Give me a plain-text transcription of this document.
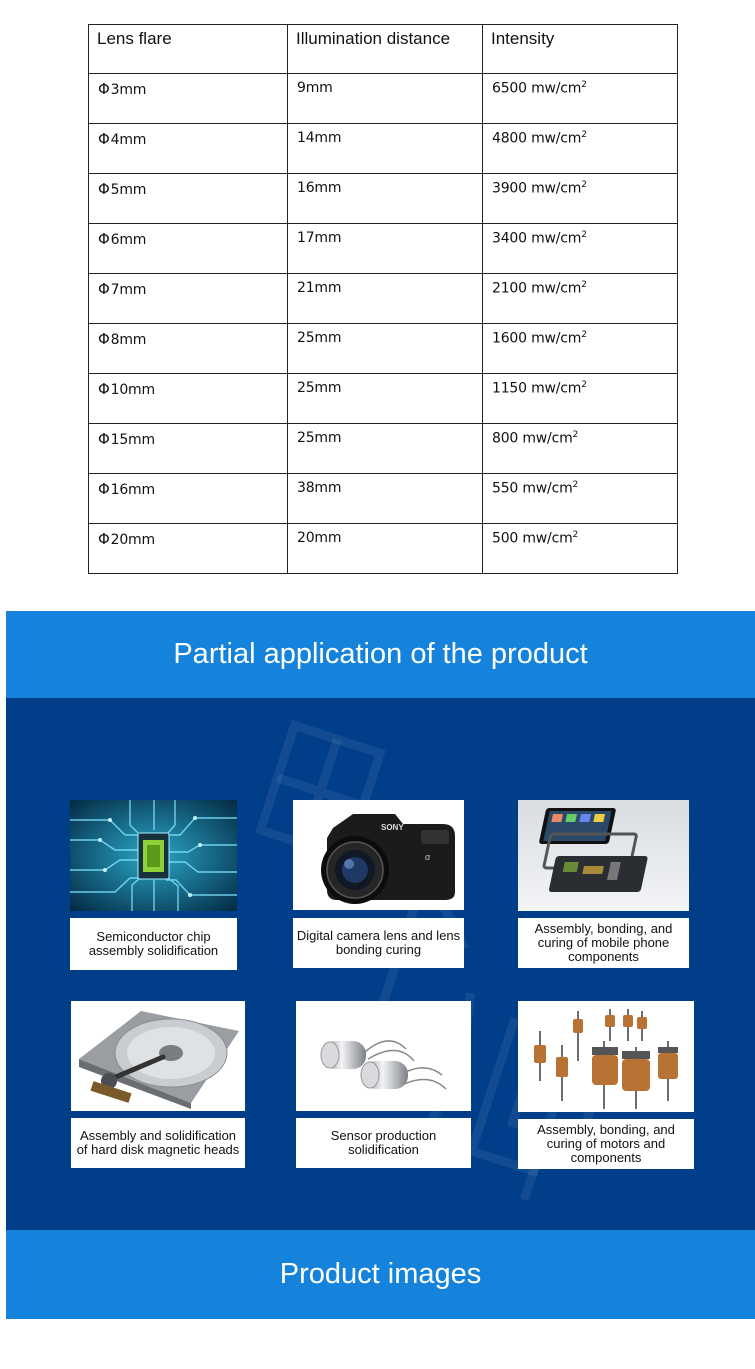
Lens flare	Illumination distance	Intensity
Φ3mm	9mm	6500 $mw/cm^2$
Φ4mm	14mm	4800 $mw/cm^2$
Φ5mm	16mm	3900 $mw/cm^2$
Φ6mm	17mm	3400 $mw/cm^2$
Φ7mm	21mm	2100 $mw/cm^2$
Φ8mm	25mm	1600 $mw/cm^2$
Φ10mm	25mm	1150 $mw/cm^2$
Φ15mm	25mm	800 $mw/cm^2$
Φ16mm	38mm	550 $mw/cm^2$
Φ20mm	20mm	500 $mw/cm^2$
Partial application of the product
Semiconductor chip assembly solidification
SONY
α
Digital camera lens and lens bonding curing
Assembly, bonding, and curing of mobile phone components
Assembly and solidification of hard disk magnetic heads
Sensor production solidification
Assembly, bonding, and curing of motors and components
Product images
